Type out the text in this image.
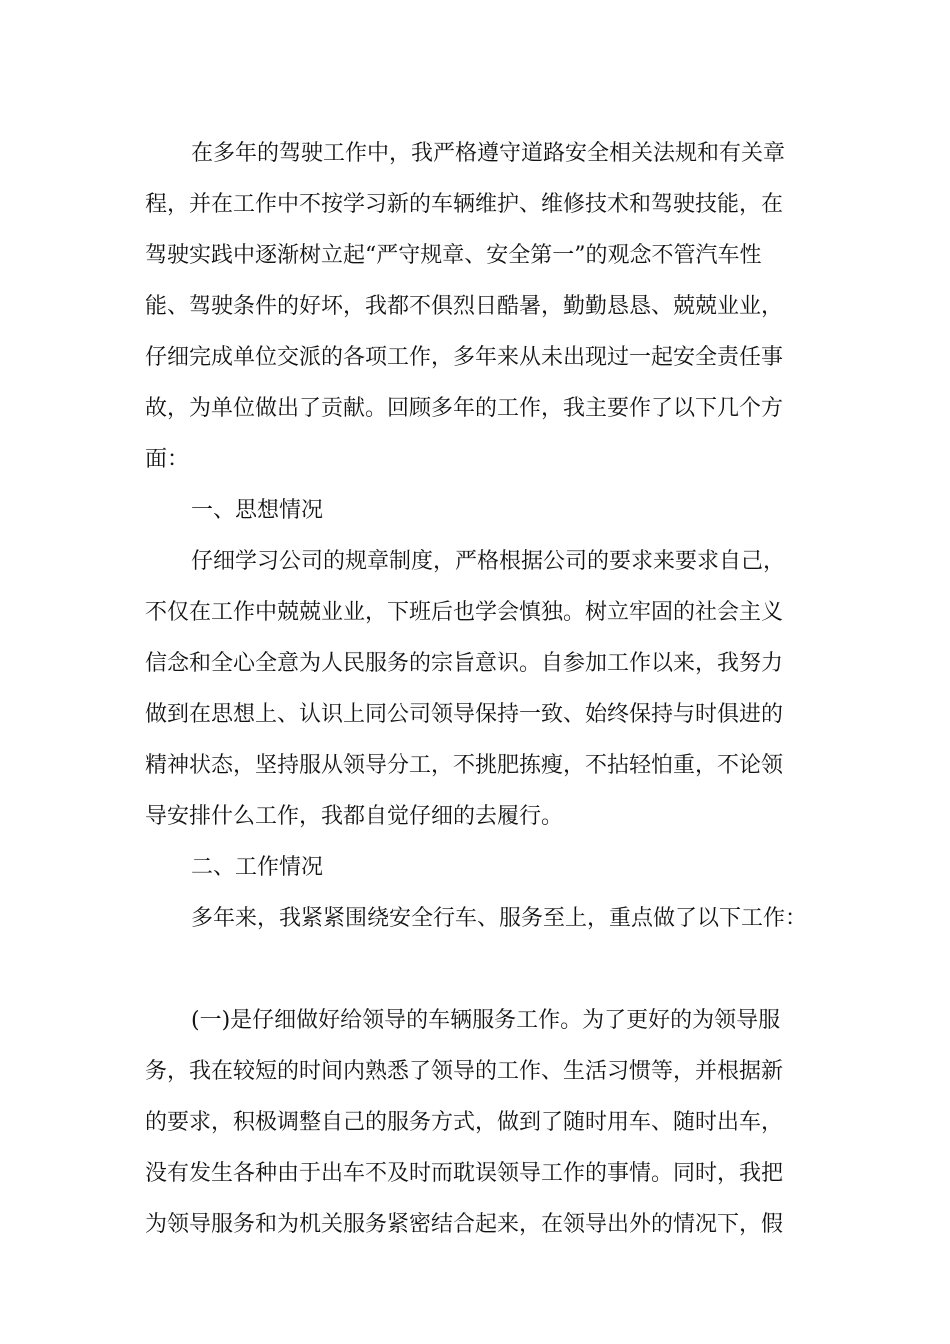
在多年的驾驶工作中，我严格遵守道路安全相关法规和有关章
程，并在工作中不按学习新的车辆维护、维修技术和驾驶技能，在
驾驶实践中逐渐树立起“严守规章、安全第一”的观念不管汽车性
能、驾驶条件的好坏，我都不俱烈日酷暑，勤勤恳恳、兢兢业业，
仔细完成单位交派的各项工作，多年来从未出现过一起安全责任事
故，为单位做出了贡献。回顾多年的工作，我主要作了以下几个方
面：
一、思想情况
仔细学习公司的规章制度，严格根据公司的要求来要求自己，
不仅在工作中兢兢业业，下班后也学会慎独。树立牢固的社会主义
信念和全心全意为人民服务的宗旨意识。自参加工作以来，我努力
做到在思想上、认识上同公司领导保持一致、始终保持与时俱进的
精神状态，坚持服从领导分工，不挑肥拣瘦，不拈轻怕重，不论领
导安排什么工作，我都自觉仔细的去履行。
二、工作情况
多年来，我紧紧围绕安全行车、服务至上，重点做了以下工作：
(一)是仔细做好给领导的车辆服务工作。为了更好的为领导服
务，我在较短的时间内熟悉了领导的工作、生活习惯等，并根据新
的要求，积极调整自己的服务方式，做到了随时用车、随时出车，
没有发生各种由于出车不及时而耽误领导工作的事情。同时，我把
为领导服务和为机关服务紧密结合起来，在领导出外的情况下，假
